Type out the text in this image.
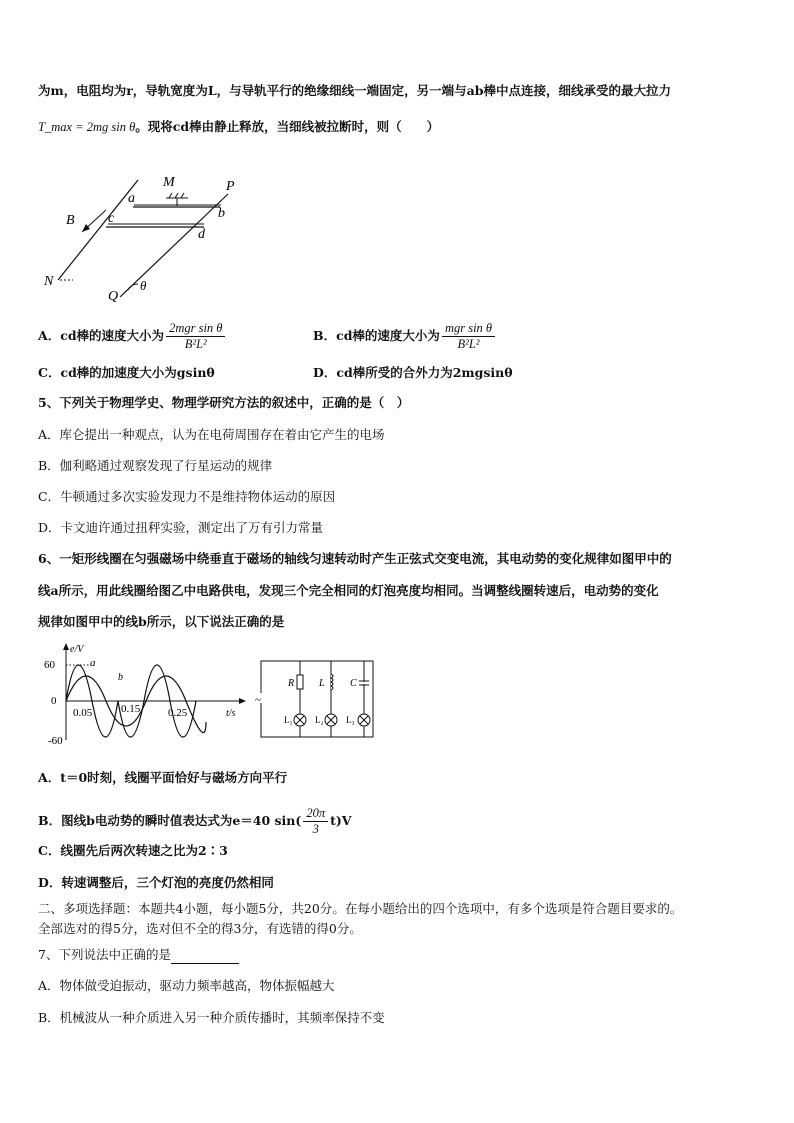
为m，电阻均为r，导轨宽度为L，与导轨平行的绝缘细线一端固定，另一端与ab棒中点连接，细线承受的最大拉力
T_max = 2mg sin θ。现将cd棒由静止释放，当细线被拉断时，则（　　）
M	P
a
b
B c
d
N
Q
θ
A．cd棒的速度大小为 $\frac{\text{2mgr sin θ}}{\text{B²L²}}$	B．cd棒的速度大小为 $\frac{\text{mgr sin θ}}{\text{B²L²}}$
C．cd棒的加速度大小为gsinθ	D．cd棒所受的合外力为2mgsinθ
5、下列关于物理学史、物理学研究方法的叙述中，正确的是（　）
A．库仑提出一种观点，认为在电荷周围存在着由它产生的电场
B．伽利略通过观察发现了行星运动的规律
C．牛顿通过多次实验发现力不是维持物体运动的原因
D．卡文迪许通过扭秤实验，测定出了万有引力常量
6、一矩形线圈在匀强磁场中绕垂直于磁场的轴线匀速转动时产生正弦式交变电流，其电动势的变化规律如图甲中的
线a所示，用此线圈给图乙中电路供电，发现三个完全相同的灯泡亮度均相同。当调整线圈转速后，电动势的变化
规律如图甲中的线b所示，以下说法正确的是
e/V
t/s
60
0
-60
0.05	0.15	0.25
a
b
~
R L	C
L₁ L₂ L₃
A．t＝0时刻，线圈平面恰好与磁场方向平行
B．图线b电动势的瞬时值表达式为e＝40 $\sin( \frac{20\pi}{3} t)V$
C．线圈先后两次转速之比为2∶3
D．转速调整后，三个灯泡的亮度仍然相同
二、多项选择题：本题共4小题，每小题5分，共20分。在每小题给出的四个选项中，有多个选项是符合题目要求的。
全部选对的得5分，选对但不全的得3分，有选错的得0分。
7、下列说法中正确的是
A．物体做受迫振动，驱动力频率越高，物体振幅越大
B．机械波从一种介质进入另一种介质传播时，其频率保持不变
